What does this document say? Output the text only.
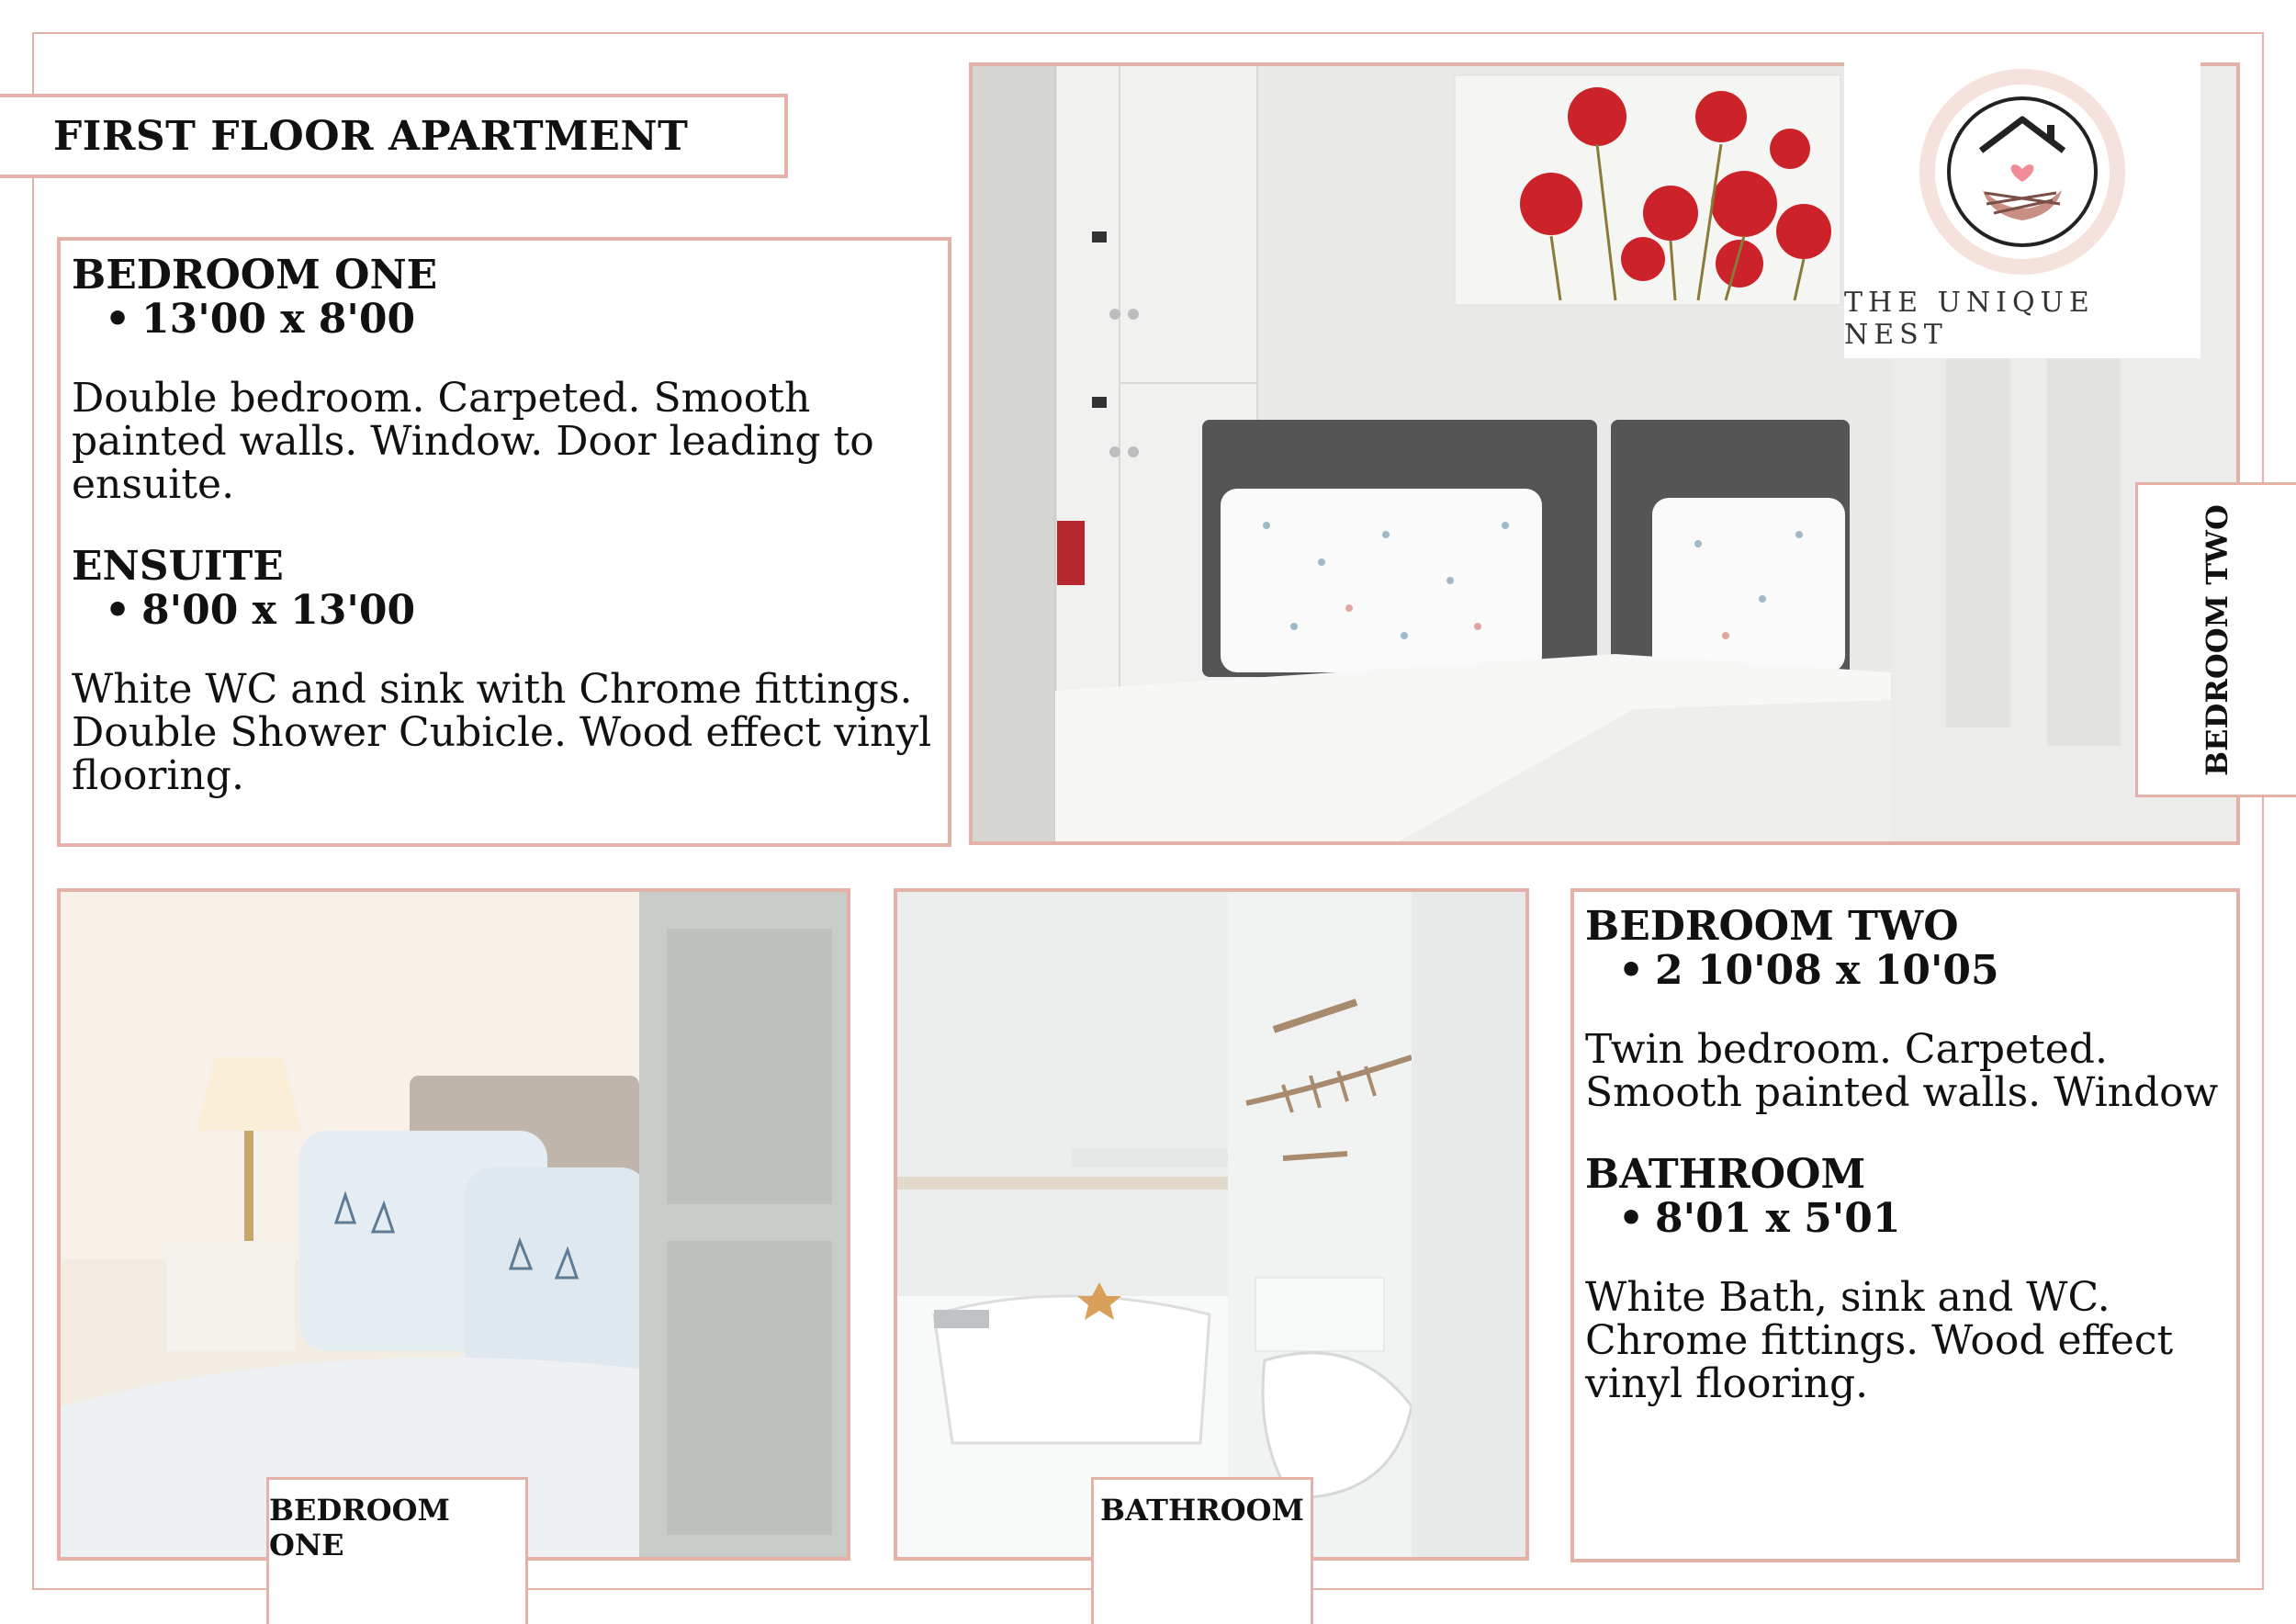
FIRST FLOOR APARTMENT
BEDROOM ONE
• 13'00 x 8'00

Double bedroom. Carpeted. Smooth painted walls. Window. Door leading to ensuite.

ENSUITE
• 8'00 x 13'00

White WC and sink with Chrome fittings. Double Shower Cubicle. Wood effect vinyl flooring.

THE UNIQUE NEST
BEDROOM TWO
BEDROOM ONE
BATHROOM
BEDROOM TWO
• 2 10'08 x 10'05

Twin bedroom. Carpeted. Smooth painted walls. Window

BATHROOM
• 8'01 x 5'01

White Bath, sink and WC. Chrome fittings. Wood effect vinyl flooring.
